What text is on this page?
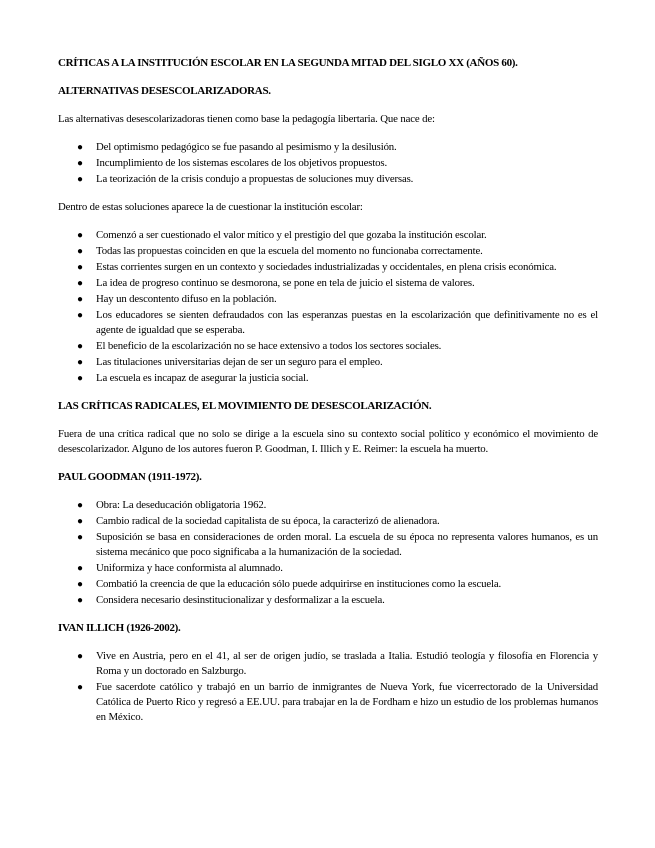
CRÍTICAS A LA INSTITUCIÓN ESCOLAR EN LA SEGUNDA MITAD DEL SIGLO XX (AÑOS 60).
ALTERNATIVAS DESESCOLARIZADORAS.

Las alternativas desescolarizadoras tienen como base la pedagogía libertaria. Que nace de:

● Del optimismo pedagógico se fue pasando al pesimismo y la desilusión.
● Incumplimiento de los sistemas escolares de los objetivos propuestos.
● La teorización de la crisis condujo a propuestas de soluciones muy diversas.

Dentro de estas soluciones aparece la de cuestionar la institución escolar:

● Comenzó a ser cuestionado el valor mítico y el prestigio del que gozaba la institución escolar.
● Todas las propuestas coinciden en que la escuela del momento no funcionaba correctamente.
● Estas corrientes surgen en un contexto y sociedades industrializadas y occidentales, en plena crisis económica.
● La idea de progreso continuo se desmorona, se pone en tela de juicio el sistema de valores.
● Hay un descontento difuso en la población.
● Los educadores se sienten defraudados con las esperanzas puestas en la escolarización que definitivamente no es el agente de igualdad que se esperaba.
● El beneficio de la escolarización no se hace extensivo a todos los sectores sociales.
● Las titulaciones universitarias dejan de ser un seguro para el empleo.
● La escuela es incapaz de asegurar la justicia social.
LAS CRÍTICAS RADICALES, EL MOVIMIENTO DE DESESCOLARIZACIÓN.

Fuera de una crítica radical que no solo se dirige a la escuela sino su contexto social político y económico el movimiento de desescolarizador. Alguno de los autores fueron P. Goodman, I. Illich y E. Reimer: la escuela ha muerto.

PAUL GOODMAN (1911-1972).
● Obra: La deseducación obligatoria 1962.
● Cambio radical de la sociedad capitalista de su época, la caracterizó de alienadora.
● Suposición se basa en consideraciones de orden moral. La escuela de su época no representa valores humanos, es un sistema mecánico que poco significaba a la humanización de la sociedad.
● Uniformiza y hace conformista al alumnado.
● Combatió la creencia de que la educación sólo puede adquirirse en instituciones como la escuela.
● Considera necesario desinstitucionalizar y desformalizar a la escuela.
IVAN ILLICH (1926-2002).
● Vive en Austria, pero en el 41, al ser de origen judío, se traslada a Italia. Estudió teología y filosofía en Florencia y Roma y un doctorado en Salzburgo.
● Fue sacerdote católico y trabajó en un barrio de inmigrantes de Nueva York, fue vicerrectorado de la Universidad Católica de Puerto Rico y regresó a EE.UU. para trabajar en la de Fordham e hizo un estudio de los problemas humanos en México.
